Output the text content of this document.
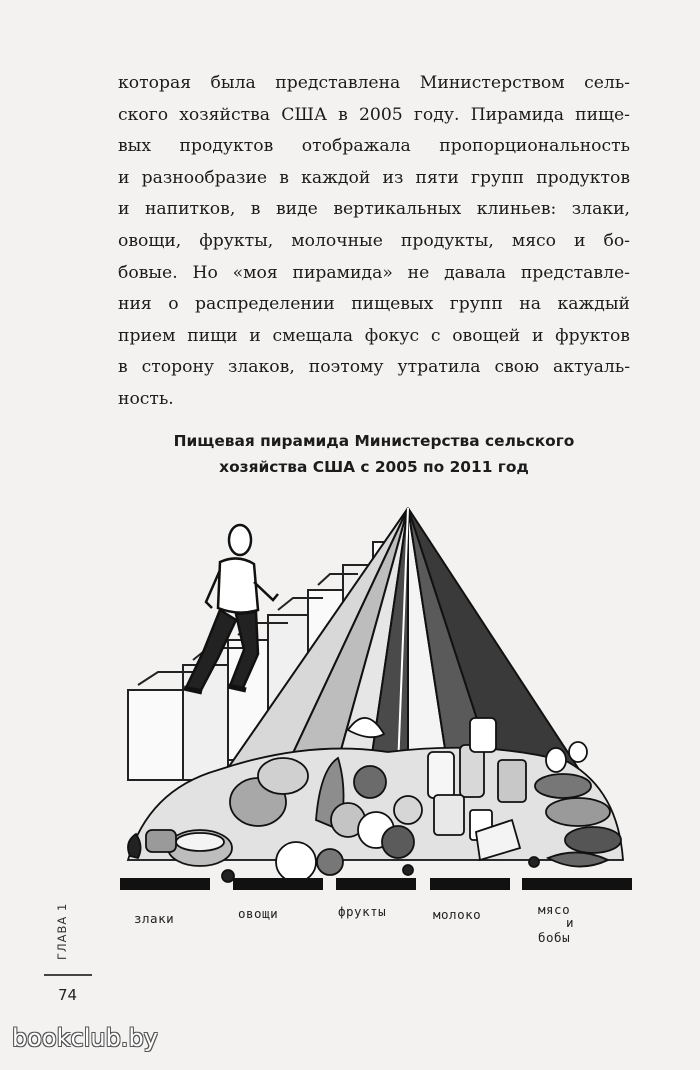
которая была представлена Министерством сель-
ского хозяйства США в 2005 году. Пирамида пище-
вых продуктов отображала пропорциональность
и разнообразие в каждой из пяти групп продуктов
и напитков, в виде вертикальных клиньев: злаки,
овощи, фрукты, молочные продукты, мясо и бо-
бовые. Но «моя пирамида» не давала представле-
ния о распределении пищевых групп на каждый
прием пищи и смещала фокус с овощей и фруктов
в сторону злаков, поэтому утратила свою актуаль-
ность.
Пищевая пирамида Министерства сельского
хозяйства США с 2005 по 2011 год
злаки	овощи	фрукты	молоко	мясо
и
бобы
ГЛАВА 1
74
bookclub.by
